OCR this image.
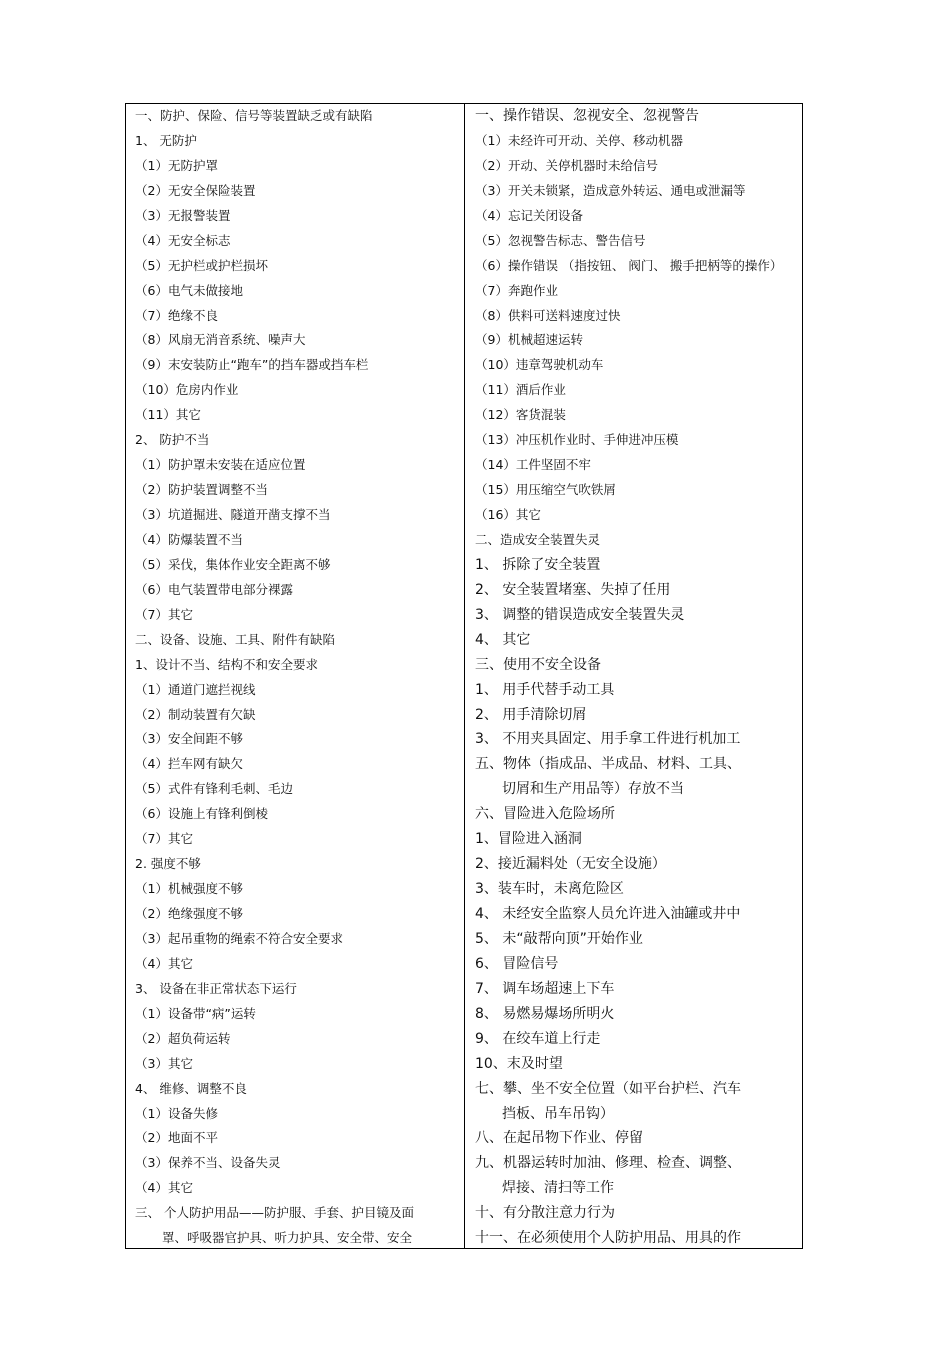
一、防护、保险、信号等装置缺乏或有缺陷
1、 无防护
（1）无防护罩
（2）无安全保险装置
（3）无报警装置
（4）无安全标志
（5）无护栏或护栏损坏
（6）电气未做接地
（7）绝缘不良
（8）风扇无消音系统、噪声大
（9）末安装防止“跑车”的挡车器或挡车栏
（10）危房内作业
（11）其它
2、 防护不当
（1）防护罩未安装在适应位置
（2）防护装置调整不当
（3）坑道掘进、隧道开凿支撑不当
（4）防爆装置不当
（5）采伐，集体作业安全距离不够
（6）电气装置带电部分裸露
（7）其它
二、设备、设施、工具、附件有缺陷
1、设计不当、结构不和安全要求
（1）通道门遮拦视线
（2）制动装置有欠缺
（3）安全间距不够
（4）拦车网有缺欠
（5）式件有锋利毛刺、毛边
（6）设施上有锋利倒棱
（7）其它
2. 强度不够
（1）机械强度不够
（2）绝缘强度不够
（3）起吊重物的绳索不符合安全要求
（4）其它
3、 设备在非正常状态下运行
（1）设备带“病”运转
（2）超负荷运转
（3）其它
4、 维修、调整不良
（1）设备失修
（2）地面不平
（3）保养不当、设备失灵
（4）其它
三、 个人防护用品——防护服、手套、护目镜及面
罩、呼吸器官护具、听力护具、安全带、安全
一、操作错误、忽视安全、忽视警告
（1）未经许可开动、关停、移动机器
（2）开动、关停机器时未给信号
（3）开关未锁紧，造成意外转运、通电或泄漏等
（4）忘记关闭设备
（5）忽视警告标志、警告信号
（6）操作错误 （指按钮、 阀门、 搬手把柄等的操作）
（7）奔跑作业
（8）供料可送料速度过快
（9）机械超速运转
（10）违章驾驶机动车
（11）酒后作业
（12）客货混装
（13）冲压机作业时、手伸进冲压模
（14）工件坚固不牢
（15）用压缩空气吹铁屑
（16）其它
二、造成安全装置失灵
1、 拆除了安全装置
2、 安全装置堵塞、失掉了任用
3、 调整的错误造成安全装置失灵
4、 其它
三、使用不安全设备
1、 用手代替手动工具
2、 用手清除切屑
3、 不用夹具固定、用手拿工件进行机加工
五、物体（指成品、半成品、材料、工具、
切屑和生产用品等）存放不当
六、冒险进入危险场所
1、冒险进入涵洞
2、接近漏料处（无安全设施）
3、装车时，未离危险区
4、 未经安全监察人员允许进入油罐或井中
5、 未“敲帮向顶”开始作业
6、 冒险信号
7、 调车场超速上下车
8、 易燃易爆场所明火
9、 在绞车道上行走
10、末及时望
七、攀、坐不安全位置（如平台护栏、汽车
挡板、吊车吊钩）
八、在起吊物下作业、停留
九、机器运转时加油、修理、检查、调整、
焊接、清扫等工作
十、有分散注意力行为
十一、在必须使用个人防护用品、用具的作
